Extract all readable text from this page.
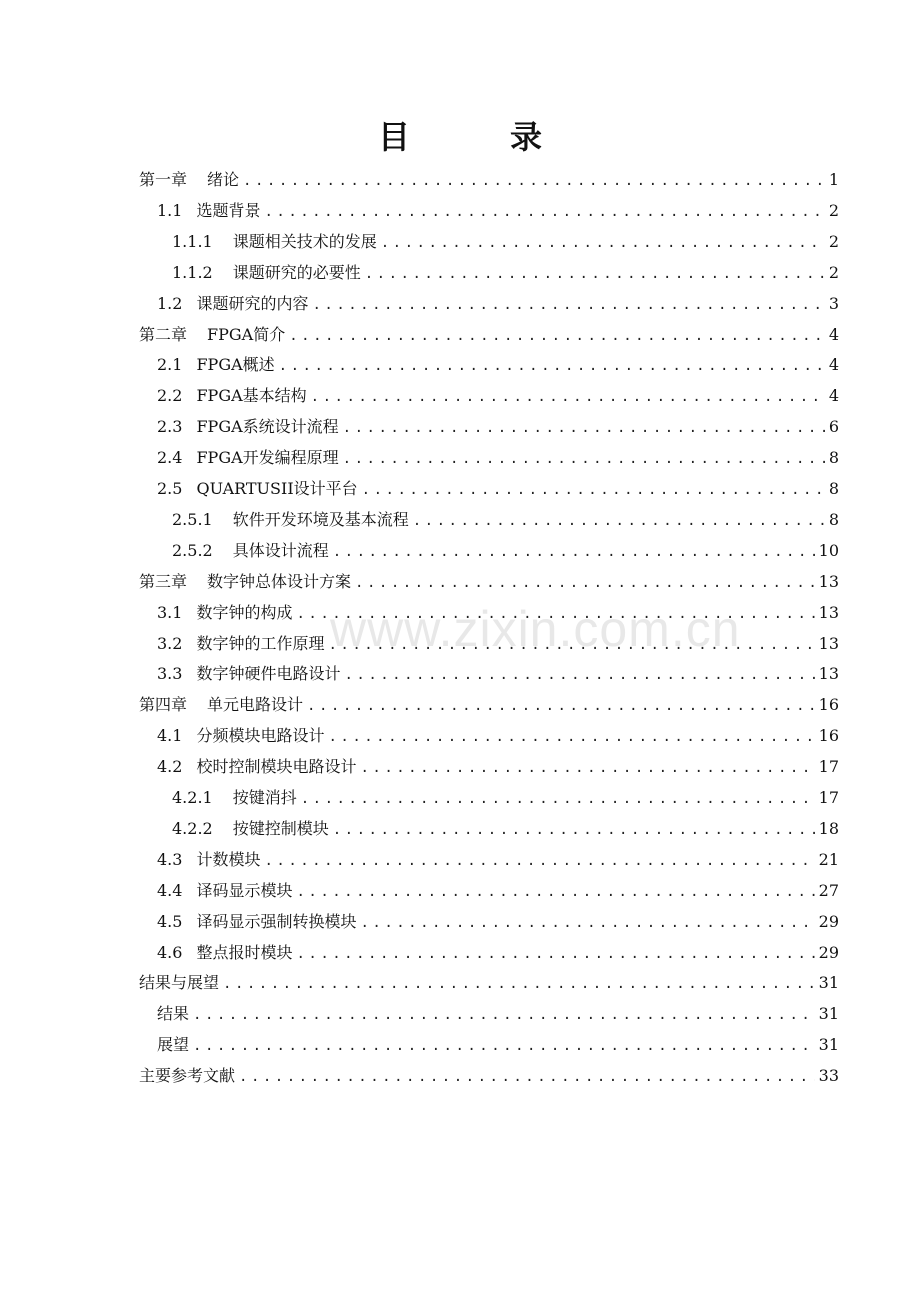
目　录
www.zixin.com.cn
第一章 绪论 .....	1
1.1 选题背景 .....	2
1.1.1 课题相关技术的发展 .....	2
1.1.2 课题研究的必要性 .....	2
1.2 课题研究的内容 .....	3
第二章 FPGA简介 .....	4
2.1 FPGA概述 .....	4
2.2 FPGA基本结构 .....	4
2.3 FPGA系统设计流程 .....	6
2.4 FPGA开发编程原理 .....	8
2.5 QUARTUSII设计平台 .....	8
2.5.1 软件开发环境及基本流程 .....	8
2.5.2 具体设计流程 .....	10
第三章 数字钟总体设计方案 .....	13
3.1 数字钟的构成 .....	13
3.2 数字钟的工作原理 .....	13
3.3 数字钟硬件电路设计 .....	13
第四章 单元电路设计 .....	16
4.1 分频模块电路设计 .....	16
4.2 校时控制模块电路设计 .....	17
4.2.1 按键消抖 .....	17
4.2.2 按键控制模块 .....	18
4.3 计数模块 .....	21
4.4 译码显示模块 .....	27
4.5 译码显示强制转换模块 .....	29
4.6 整点报时模块 .....	29
结果与展望 .....	31
结果 .....	31
展望 .....	31
主要参考文献 .....	33
